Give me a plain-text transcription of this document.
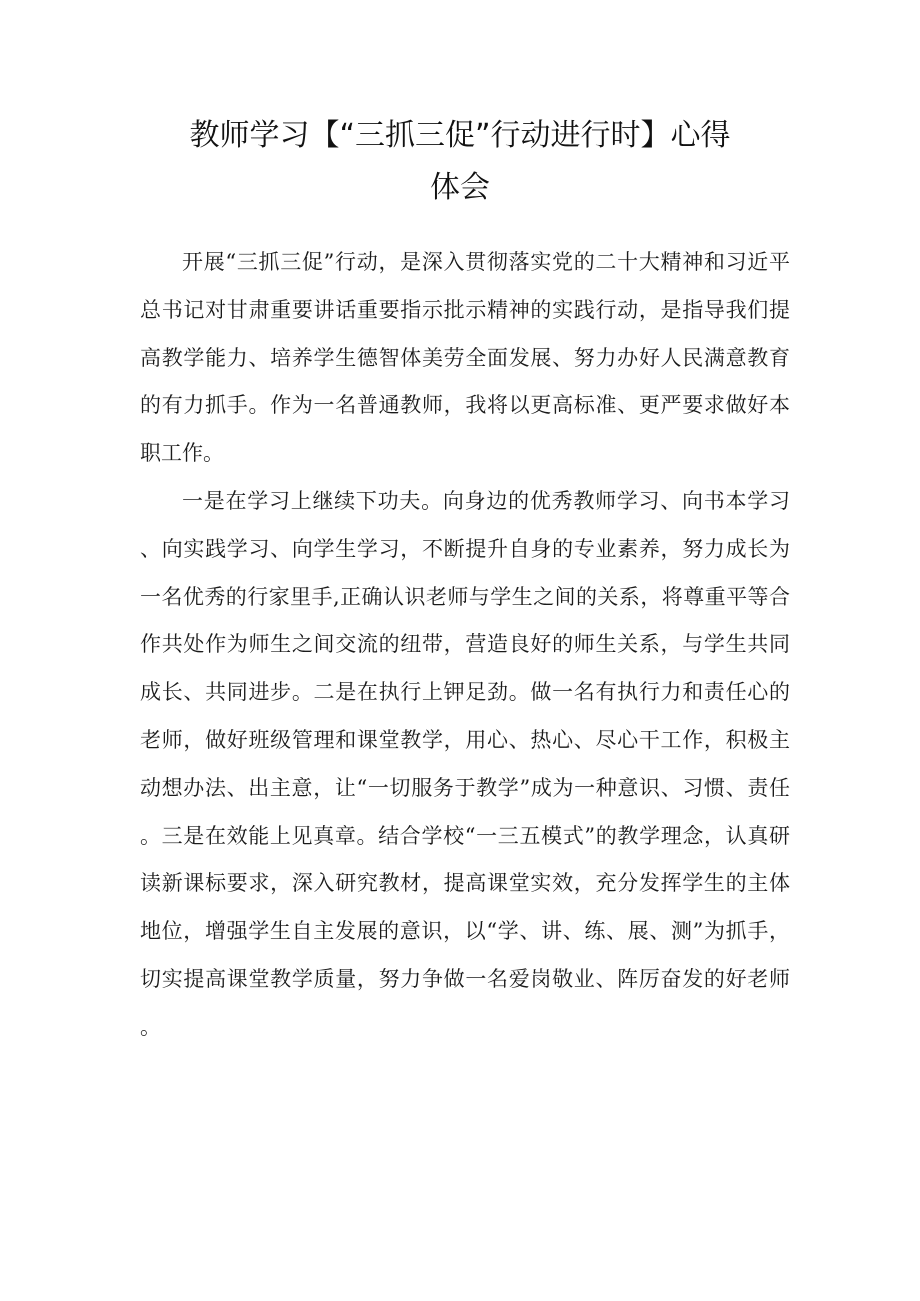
教师学习【“三抓三促”行动进行时】心得
体会

开展“三抓三促”行动，是深入贯彻落实党的二十大精神和习近平总书记对甘肃重要讲话重要指示批示精神的实践行动，是指导我们提高教学能力、培养学生德智体美劳全面发展、努力办好人民满意教育的有力抓手。作为一名普通教师，我将以更高标准、更严要求做好本职工作。

一是在学习上继续下功夫。向身边的优秀教师学习、向书本学习、向实践学习、向学生学习，不断提升自身的专业素养，努力成长为一名优秀的行家里手,正确认识老师与学生之间的关系，将尊重平等合作共处作为师生之间交流的纽带，营造良好的师生关系，与学生共同成长、共同进步。二是在执行上钾足劲。做一名有执行力和责任心的老师，做好班级管理和课堂教学，用心、热心、尽心干工作，积极主动想办法、出主意，让“一切服务于教学”成为一种意识、习惯、责任。三是在效能上见真章。结合学校“一三五模式”的教学理念，认真研读新课标要求，深入研究教材，提高课堂实效，充分发挥学生的主体地位，增强学生自主发展的意识，以“学、讲、练、展、测”为抓手，切实提高课堂教学质量，努力争做一名爱岗敬业、阵厉奋发的好老师。
